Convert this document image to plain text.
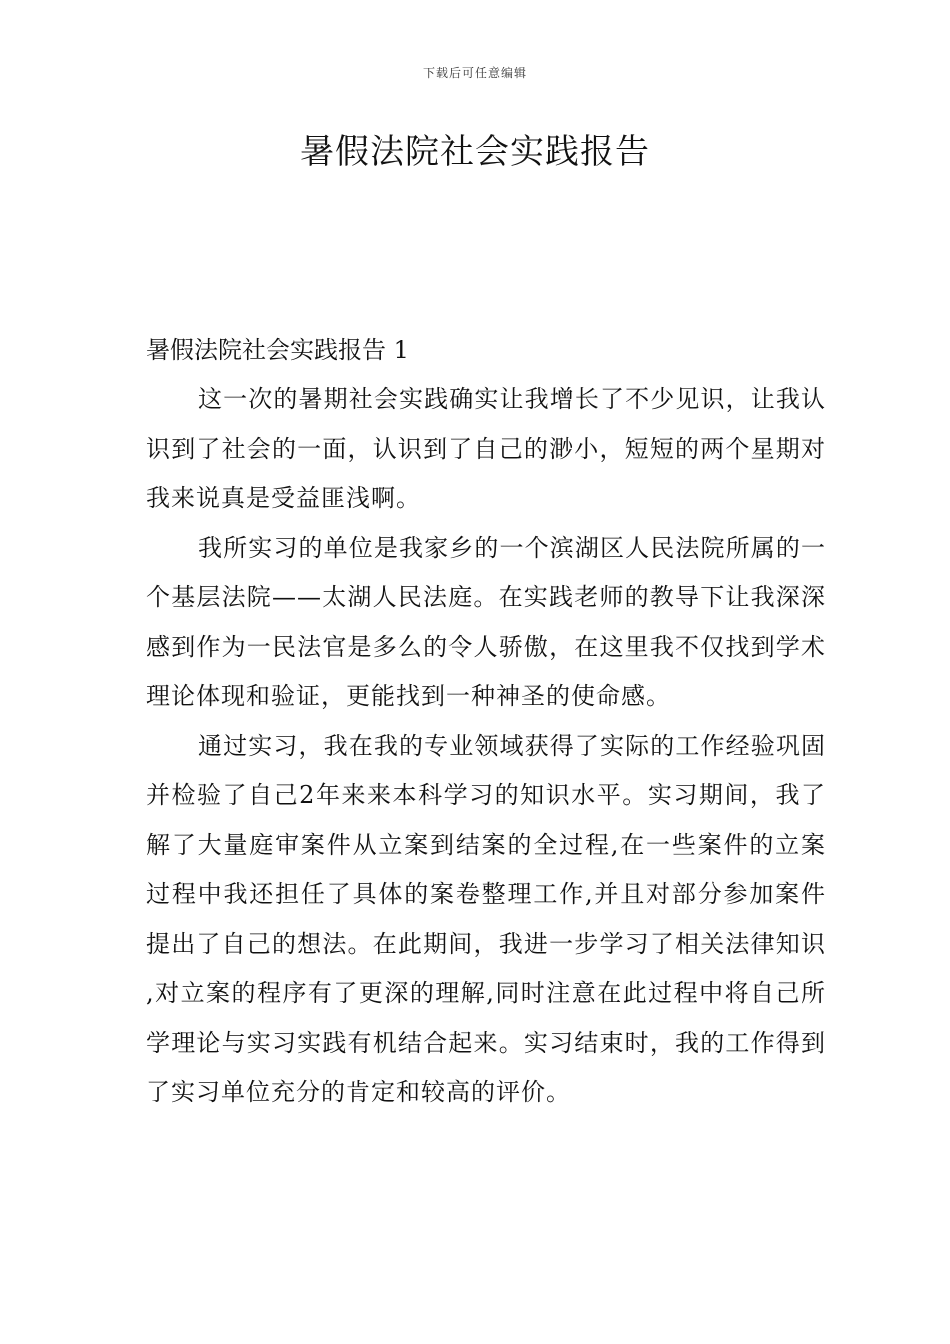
下载后可任意编辑
暑假法院社会实践报告

暑假法院社会实践报告 1

这一次的暑期社会实践确实让我增长了不少见识，让我认识到了社会的一面，认识到了自己的渺小，短短的两个星期对我来说真是受益匪浅啊。

我所实习的单位是我家乡的一个滨湖区人民法院所属的一个基层法院——太湖人民法庭。在实践老师的教导下让我深深感到作为一民法官是多么的令人骄傲，在这里我不仅找到学术理论体现和验证，更能找到一种神圣的使命感。

通过实习，我在我的专业领域获得了实际的工作经验巩固并检验了自己2年来来本科学习的知识水平。实习期间，我了解了大量庭审案件从立案到结案的全过程,在一些案件的立案过程中我还担任了具体的案卷整理工作,并且对部分参加案件提出了自己的想法。在此期间，我进一步学习了相关法律知识,对立案的程序有了更深的理解,同时注意在此过程中将自己所学理论与实习实践有机结合起来。实习结束时，我的工作得到了实习单位充分的肯定和较高的评价。
